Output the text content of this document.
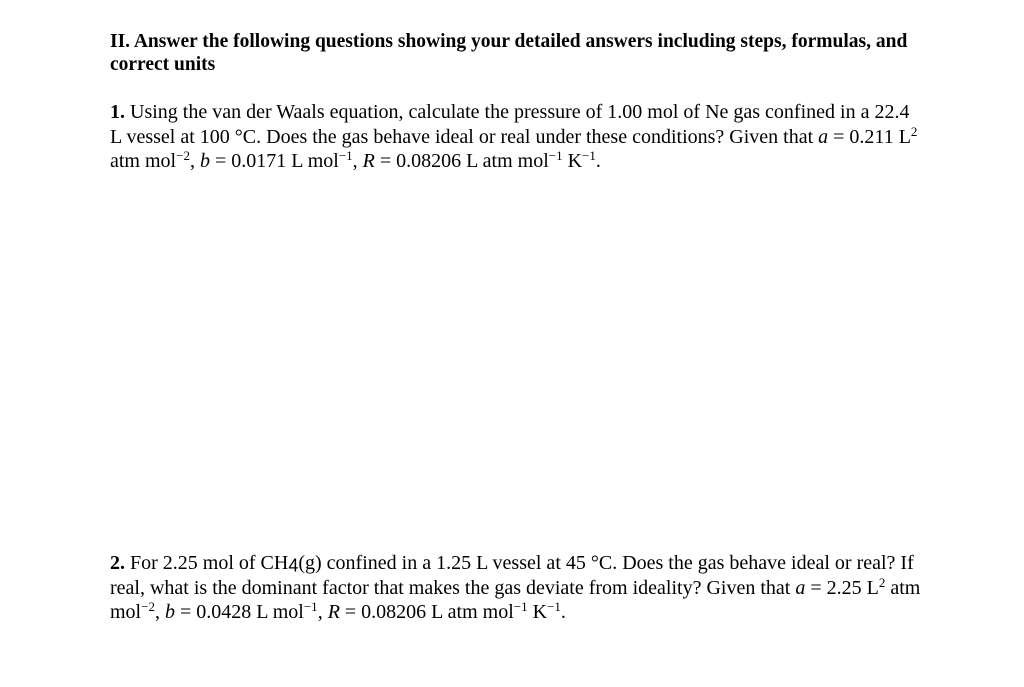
II. Answer the following questions showing your detailed answers including steps, formulas, and correct units
1. Using the van der Waals equation, calculate the pressure of 1.00 mol of Ne gas confined in a 22.4 L vessel at 100 °C. Does the gas behave ideal or real under these conditions? Given that a = 0.211 $L^2$ atm mol$^{-2}$, b = 0.0171 L mol$^{-1}$, R = 0.08206 L atm mol$^{-1}$ $K^{-1}$.
2. For 2.25 mol of $CH_4(g)$ confined in a 1.25 L vessel at 45 °C. Does the gas behave ideal or real? If real, what is the dominant factor that makes the gas deviate from ideality? Given that a = 2.25 $L^2$ atm mol$^{-2}$, b = 0.0428 L mol$^{-1}$, R = 0.08206 L atm mol$^{-1}$ $K^{-1}$.
